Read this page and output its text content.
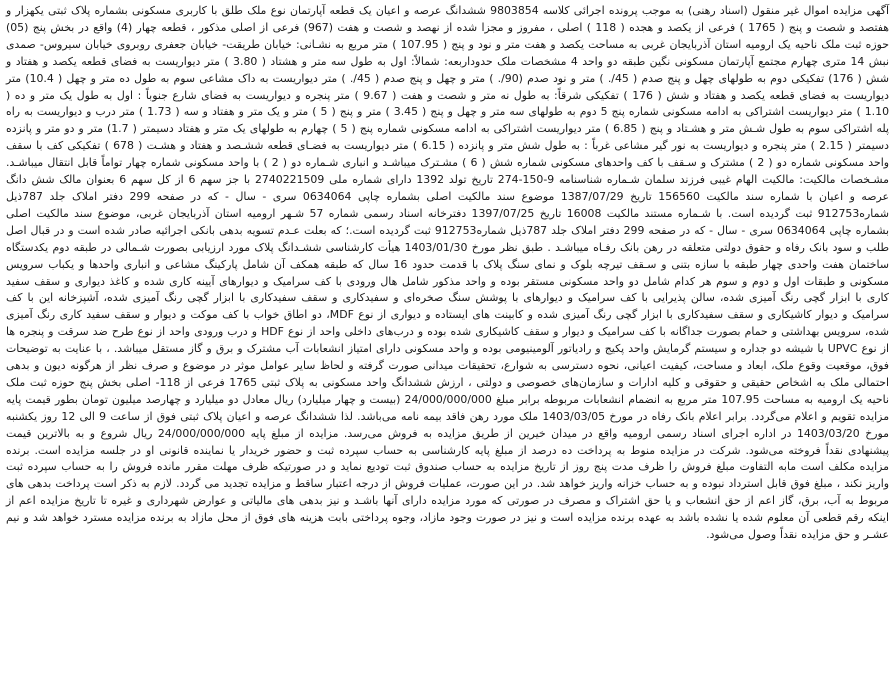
آگهی مزایده اموال غیر منقول (اسناد رهنی) به موجب پرونده اجرائی کلاسه 9803854 ششدانگ عرصه و اعیان یک قطعه آپارتمان نوع ملک طلق با کاربری مسکونی بشماره پلاک ثبتی یکهزار و هفتصد و شصت و پنج ( 1765 ) فرعی از یکصد و هجده ( 118 ) اصلی ، مفروز و مجزا شده از نهصد و شصت و هفت (967) فرعی از اصلی مذکور ، قطعه چهار (4) واقع در بخش پنج (05) حوزه ثبت ملک ناحیه یک ارومیه استان آذربایجان غربی به مساحت یکصد و هفت متر و نود و پنج ( 107.95 ) متر مربع به نشـانی: خیابان طریقت- خیابان جعفری روبروی خیابان سیروس- صمدی نبش 14 متری چهارم مجتمع آپارتمان مسکونی نگین طبقه دو واحد 4 مشخصات ملک حدوداربعه: شمالاً: اول به طول سه متر و هشتاد ( 3.80 ) متر دیواریست به فضای قطعه یکصد و هفتاد و شش ( 176) تفکیکی دوم به طولهای چهل و پنج صدم ( 45/. ) متر و نود صدم (90/. ) متر و چهل و پنج صدم ( 45/. ) متر دیواریست به داک مشاعی سوم به طول ده متر و چهل ( 10.4) متر دیواریست به فضای قطعه یکصد و هفتاد و شش ( 176 ) تفکیکی شرقاً: به طول نه متر و شصت و هفت ( 9.67 ) متر پنجره و دیواریست به فضای شارع جنوباً : اول به طول یک متر و ده ( 1.10 ) متر دیواریست اشتراکی به ادامه مسکونی شماره پنج 5 دوم به طولهای سه متر و چهل و پنج ( 3.45 ) متر و پنج ( 5 ) متر و یک متر و هفتاد و سه ( 1.73 ) متر درب و دیواریست به راه پله اشتراکی سوم به طول شـش متر و هشـتاد و پنج ( 6.85 ) متر دیواریست اشتراکی به ادامه مسکونی شماره پنج ( 5 ) چهارم به طولهای یک متر و هفتاد دسیمتر ( 1.7) متر و دو متر و پانزده دسیمتر ( 2.15 ) متر پنجره و دیواریست به نور گیر مشاعی غرباً : به طول شش متر و پانزده ( 6.15 ) متر دیواریست به فضـای قطعه ششـصد و هفتاد و هشـت ( 678 ) تفکیکی کف با سقف واحد مسکونی شماره دو ( 2 ) مشترک و سـقف با کف واحدهای مسکونی شماره شش ( 6 ) مشـترک میباشـد و انباری شـماره دو ( 2 ) با واحد مسکونی شماره چهار تواماً قابل انتقال میباشـد. مشـخصات مالکیت: مالکیت الهام غیبی فرزند سلمان شـماره شناسنامه 9-150-274 تاریخ تولد 1392 دارای شماره ملی 2740221509 با جز سهم 6 از کل سهم 6 بعنوان مالک شش دانگ عرصه و اعیان با شماره سند مالکیت 156560 تاریخ 1387/07/29 موضوع سند مالکیت اصلی بشماره چاپی 0634064 سری - سال - که در صفحه 299 دفتر املاک جلد 787ذیل شماره912753 ثبت گردیده است. با شـماره مستند مالکیت 16008 تاریخ 1397/07/25 دفترخانه اسناد رسمی شماره 57 شـهر ارومیه استان آذربایجان غربی، موضوع سند مالکیت اصلی بشماره چاپی 0634064 سری - سال - که در صفحه 299 دفتر املاک جلد 787ذیل شماره912753 ثبت گردیده است.؛ که بعلت عـدم تسویه بدهی بانکی اجرائیه صادر شده است و در قبال اصل طلب و سود بانک رفاه و حقوق دولتی متعلقه در رهن بانک رفـاه میباشـد . طبق نظر مورخ 1403/01/30 هیأت کارشناسی ششـدانگ پلاک مورد ارزیابی بصورت شـمالی در طبقه دوم یکدستگاه ساختمان هفت واحدی چهار طبقه با سازه بتنی و سـقف تیرچه بلوک و نمای سنگ پلاک با قدمت حدود 16 سال که طبقه همکف آن شامل پارکینگ مشاعی و انباری واحدها و یکباب سرویس مسکونی و طبقات اول و دوم و سوم هر کدام شامل دو واحد مسکونی مستقر بوده و واحد مذکور شامل هال ورودی با کف سرامیک و دیوارهای آیینه کاری شده و کاغذ دیواری و سقف سفید کاری با ابزار گچی رنگ آمیزی شده، سالن پذیرایی با کف سرامیک و دیوارهای با پوشش سنگ صخره‌ای و سفیدکاری و سقف سفیدکاری با ابزار گچی رنگ آمیزی شده، آشپزخانه این با کف سرامیک و دیوار کاشیکاری و سقف سفیدکاری با ابزار گچی رنگ آمیزی شده و کابینت های ایستاده و دیواری از نوع MDF، دو اطاق خواب با کف موکت و دیوار و سقف سفید کاری رنگ آمیزی شده، سرویس بهداشتی و حمام بصورت جداگانه با کف سرامیک و دیوار و سقف کاشیکاری شده بوده و درب‌های داخلی واحد از نوع HDF و درب ورودی واحد از نوع طرح ضد سرقت و پنجره ها از نوع UPVC با شیشه دو جداره و سیستم گرمایش واحد پکیج و رادیاتور آلومینیومی بوده و واحد مسکونی دارای امتیاز انشعابات آب مشترک و برق و گاز مستقل میباشد. ، با عنایت به توضیحات فوق، موقعیت وقوع ملک، ابعاد و مساحت، کیفیت اعیانی، نحوه دسترسی به شوارع، تحقیقات میدانی صورت گرفته و لحاظ سایر عوامل موثر در موضوع و صرف نظر از هرگونه دیون و بدهی احتمالی ملک به اشخاص حقیقی و حقوقی و کلیه ادارات و سازمان‌های خصوصی و دولتی ، ارزش ششدانگ واحد مسکونی به پلاک ثبتی 1765 فرعی از 118- اصلی بخش پنج حوزه ثبت ملک ناحیه یک ارومیه به مساحت 107.95 متر مربع به انضمام انشعابات مربوطه برابر مبلغ 24/000/000/000 (بیست و چهار میلیارد) ریال معادل دو میلیارد و چهارصد میلیون تومان بطور قیمت پایه مزایده تقویم و اعلام می‌گردد. برابر اعلام بانک رفاه در مورخ 1403/03/05 ملک مورد رهن فاقد بیمه نامه می‌باشد. لذا ششدانگ عرصه و اعیان پلاک ثبتی فوق از ساعت 9 الی 12 روز یکشنبه مورخ 1403/03/20 در اداره اجرای اسناد رسمی ارومیه واقع در میدان خیرین از طریق مزایده به فروش می‌رسد. مزایده از مبلغ پایه 24/000/000/000 ریال شروع و به بالاترین قیمت پیشنهادی نقداً فروخته می‌شود. شرکت در مزایده منوط به پرداخت ده درصد از مبلغ پایه کارشناسی به حساب سپرده ثبت و حضور خریدار یا نماینده قانونی او در جلسه مزایده است. برنده مزایده مکلف است مابه التفاوت مبلغ فروش را ظرف مدت پنج روز از تاریخ مزایده به حساب صندوق ثبت تودیع نماید و در صورتیکه ظرف مهلت مقرر مانده فروش را به حساب سپرده ثبت واریز نکند ، مبلغ فوق قابل استرداد نبوده و به حساب خزانه واریز خواهد شد. در این صورت، عملیات فروش از درجه اعتبار ساقط و مزایده تجدید می گردد. لازم به ذکر است پرداخت بدهی های مربوط به آب، برق، گاز اعم از حق انشعاب و یا حق اشتراک و مصرف در صورتی که مورد مزایده دارای آنها باشـد و نیز بدهی های مالیاتی و عوارض شهرداری و غیره تا تاریخ مزایده اعم از اینکه رقم قطعی آن معلوم شده یا نشده باشد به عهده برنده مزایده است و نیز در صورت وجود مازاد، وجوه پرداختی بابت هزینه های فوق از محل مازاد به برنده مزایده مسترد خواهد شد و نیم عشـر و حق مزایده نقداً وصول می‌شود.
